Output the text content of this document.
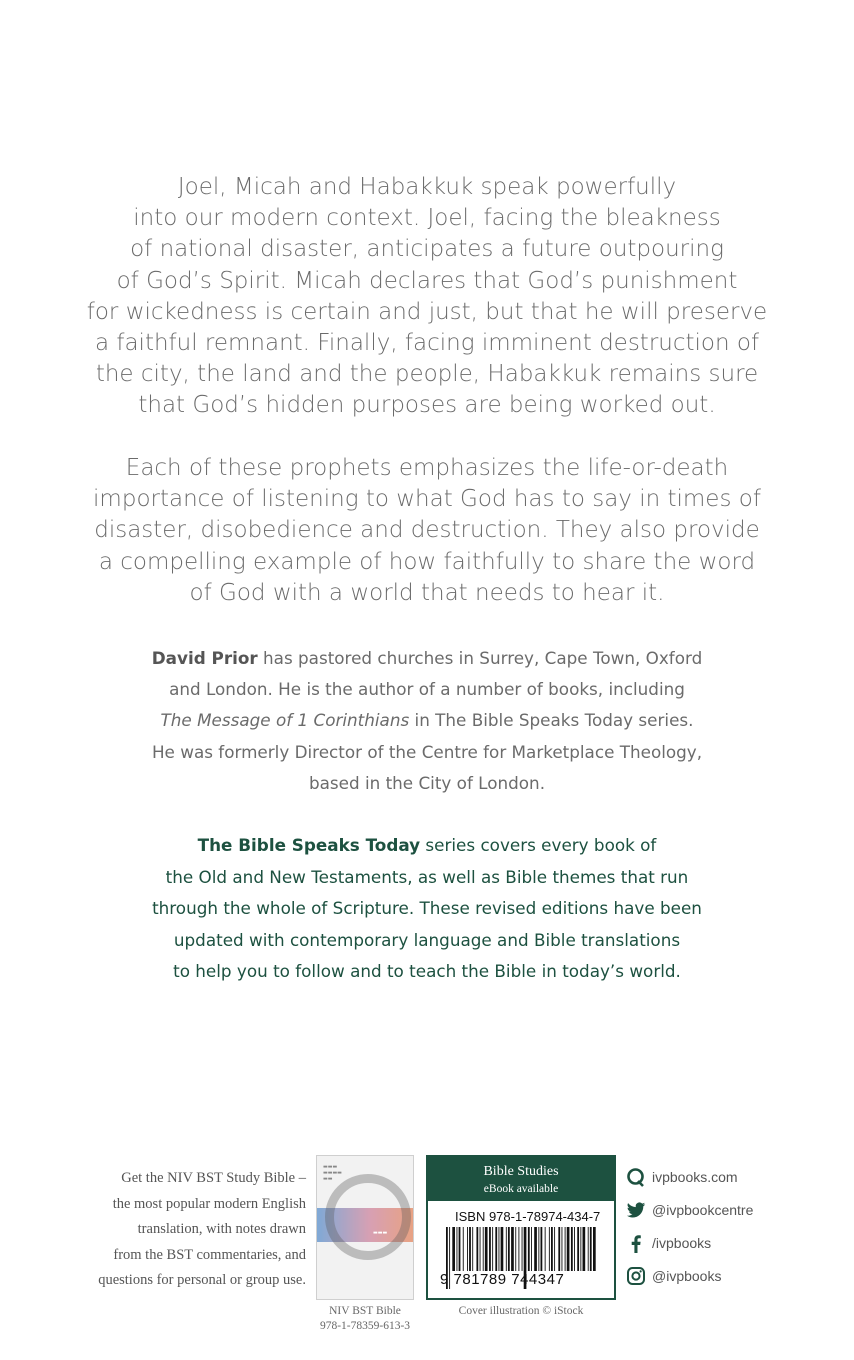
Joel, Micah and Habakkuk speak powerfully
into our modern context. Joel, facing the bleakness
of national disaster, anticipates a future outpouring
of God’s Spirit. Micah declares that God’s punishment
for wickedness is certain and just, but that he will preserve
a faithful remnant. Finally, facing imminent destruction of
the city, the land and the people, Habakkuk remains sure
that God’s hidden purposes are being worked out.

Each of these prophets emphasizes the life-or-death
importance of listening to what God has to say in times of
disaster, disobedience and destruction. They also provide
a compelling example of how faithfully to share the word
of God with a world that needs to hear it.

David Prior has pastored churches in Surrey, Cape Town, Oxford
and London. He is the author of a number of books, including
The Message of 1 Corinthians in The Bible Speaks Today series.
He was formerly Director of the Centre for Marketplace Theology,
based in the City of London.

The Bible Speaks Today series covers every book of
the Old and New Testaments, as well as Bible themes that run
through the whole of Scripture. These revised editions have been
updated with contemporary language and Bible translations
to help you to follow and to teach the Bible in today’s world.

Get the NIV BST Study Bible –
the most popular modern English
translation, with notes drawn
from the BST commentaries, and
questions for personal or group use.

▬▬▬
▬▬▬▬
▬▬
▬▬▬
NIV BST Bible
978-1-78359-613-3
Bible Studies
eBook available
ISBN 978-1-78974-434-7
9 781789 744347
Cover illustration © iStock
ivpbooks.com
@ivpbookcentre
/ivpbooks
@ivpbooks
